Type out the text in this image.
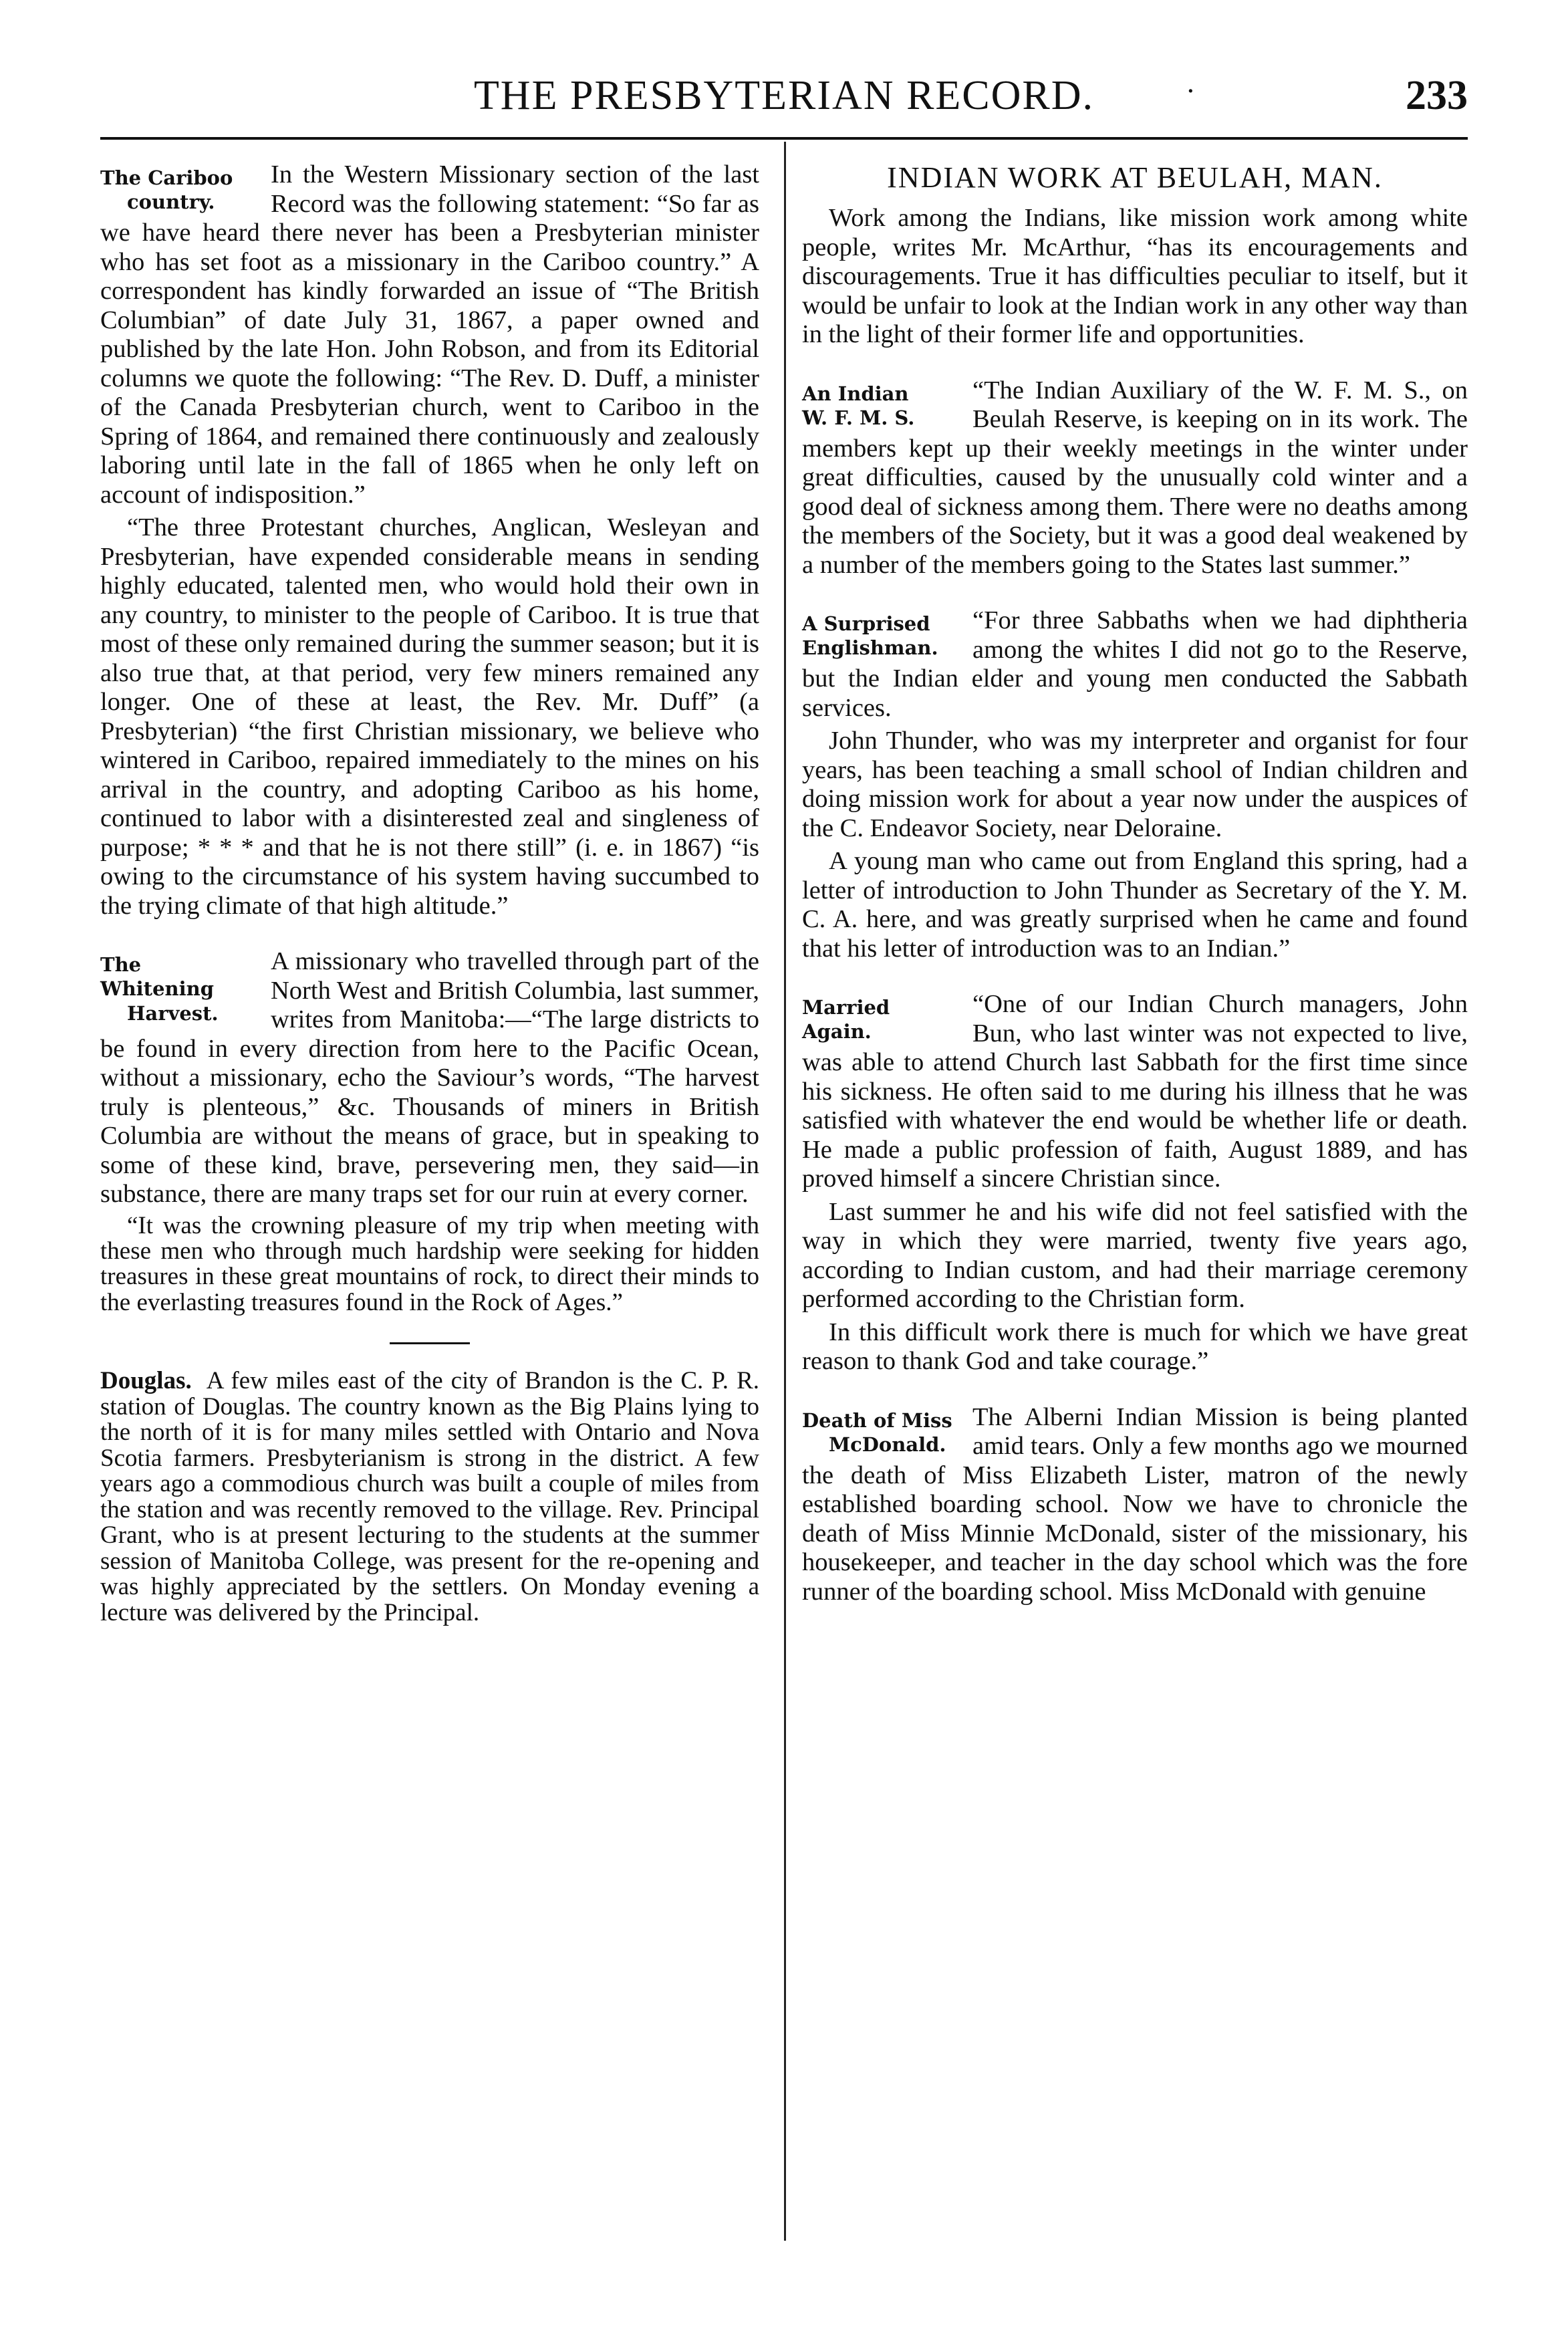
THE PRESBYTERIAN RECORD.	·	233
The Cariboo
country.

In the Western Missionary section of the last Record was the following statement: “So far as we have heard there never has been a Presbyterian minister who has set foot as a missionary in the Cariboo country.” A correspondent has kindly forwarded an issue of “The British Columbian” of date July 31, 1867, a paper owned and published by the late Hon. John Robson, and from its Editorial columns we quote the following: “The Rev. D. Duff, a minister of the Canada Presbyterian church, went to Cariboo in the Spring of 1864, and remained there continuously and zealously laboring until late in the fall of 1865 when he only left on account of indisposition.”

“The three Protestant churches, Anglican, Wesleyan and Presbyterian, have expended considerable means in sending highly educated, talented men, who would hold their own in any country, to minister to the people of Cariboo. It is true that most of these only remained during the summer season; but it is also true that, at that period, very few miners remained any longer. One of these at least, the Rev. Mr. Duff” (a Presbyterian) “the first Christian missionary, we believe who wintered in Cariboo, repaired immediately to the mines on his arrival in the country, and adopting Cariboo as his home, continued to labor with a disinterested zeal and singleness of purpose; * * * and that he is not there still” (i. e. in 1867) “is owing to the circumstance of his system having succumbed to the trying climate of that high altitude.”

The Whitening
Harvest.

A missionary who travelled through part of the North West and British Columbia, last summer, writes from Manitoba:—“The large districts to be found in every direction from here to the Pacific Ocean, without a missionary, echo the Saviour’s words, “The harvest truly is plenteous,” &c. Thousands of miners in British Columbia are without the means of grace, but in speaking to some of these kind, brave, persevering men, they said—in substance, there are many traps set for our ruin at every corner.

“It was the crowning pleasure of my trip when meeting with these men who through much hardship were seeking for hidden treasures in these great mountains of rock, to direct their minds to the everlasting treasures found in the Rock of Ages.”

Douglas. A few miles east of the city of Brandon is the C. P. R. station of Douglas. The country known as the Big Plains lying to the north of it is for many miles settled with Ontario and Nova Scotia farmers. Presbyterianism is strong in the district. A few years ago a commodious church was built a couple of miles from the station and was recently removed to the village. Rev. Principal Grant, who is at present lecturing to the students at the summer session of Manitoba College, was present for the re-opening and was highly appreciated by the settlers. On Monday evening a lecture was delivered by the Principal.

INDIAN WORK AT BEULAH, MAN.

Work among the Indians, like mission work among white people, writes Mr. McArthur, “has its encouragements and discouragements. True it has difficulties peculiar to itself, but it would be unfair to look at the Indian work in any other way than in the light of their former life and opportunities.

An Indian
W. F. M. S.

“The Indian Auxiliary of the W. F. M. S., on Beulah Reserve, is keeping on in its work. The members kept up their weekly meetings in the winter under great difficulties, caused by the unusually cold winter and a good deal of sickness among them. There were no deaths among the members of the Society, but it was a good deal weakened by a number of the members going to the States last summer.”

A Surprised
Englishman.

“For three Sabbaths when we had diphtheria among the whites I did not go to the Reserve, but the Indian elder and young men conducted the Sabbath services.

John Thunder, who was my interpreter and organist for four years, has been teaching a small school of Indian children and doing mission work for about a year now under the auspices of the C. Endeavor Society, near Deloraine.

A young man who came out from England this spring, had a letter of introduction to John Thunder as Secretary of the Y. M. C. A. here, and was greatly surprised when he came and found that his letter of introduction was to an Indian.”

Married
Again.

“One of our Indian Church managers, John Bun, who last winter was not expected to live, was able to attend Church last Sabbath for the first time since his sickness. He often said to me during his illness that he was satisfied with whatever the end would be whether life or death. He made a public profession of faith, August 1889, and has proved himself a sincere Christian since.

Last summer he and his wife did not feel satisfied with the way in which they were married, twenty five years ago, according to Indian custom, and had their marriage ceremony performed according to the Christian form.

In this difficult work there is much for which we have great reason to thank God and take courage.”

Death of Miss
McDonald.

The Alberni Indian Mission is being planted amid tears. Only a few months ago we mourned the death of Miss Elizabeth Lister, matron of the newly established boarding school. Now we have to chronicle the death of Miss Minnie McDonald, sister of the missionary, his housekeeper, and teacher in the day school which was the fore runner of the boarding school. Miss McDonald with genuine
